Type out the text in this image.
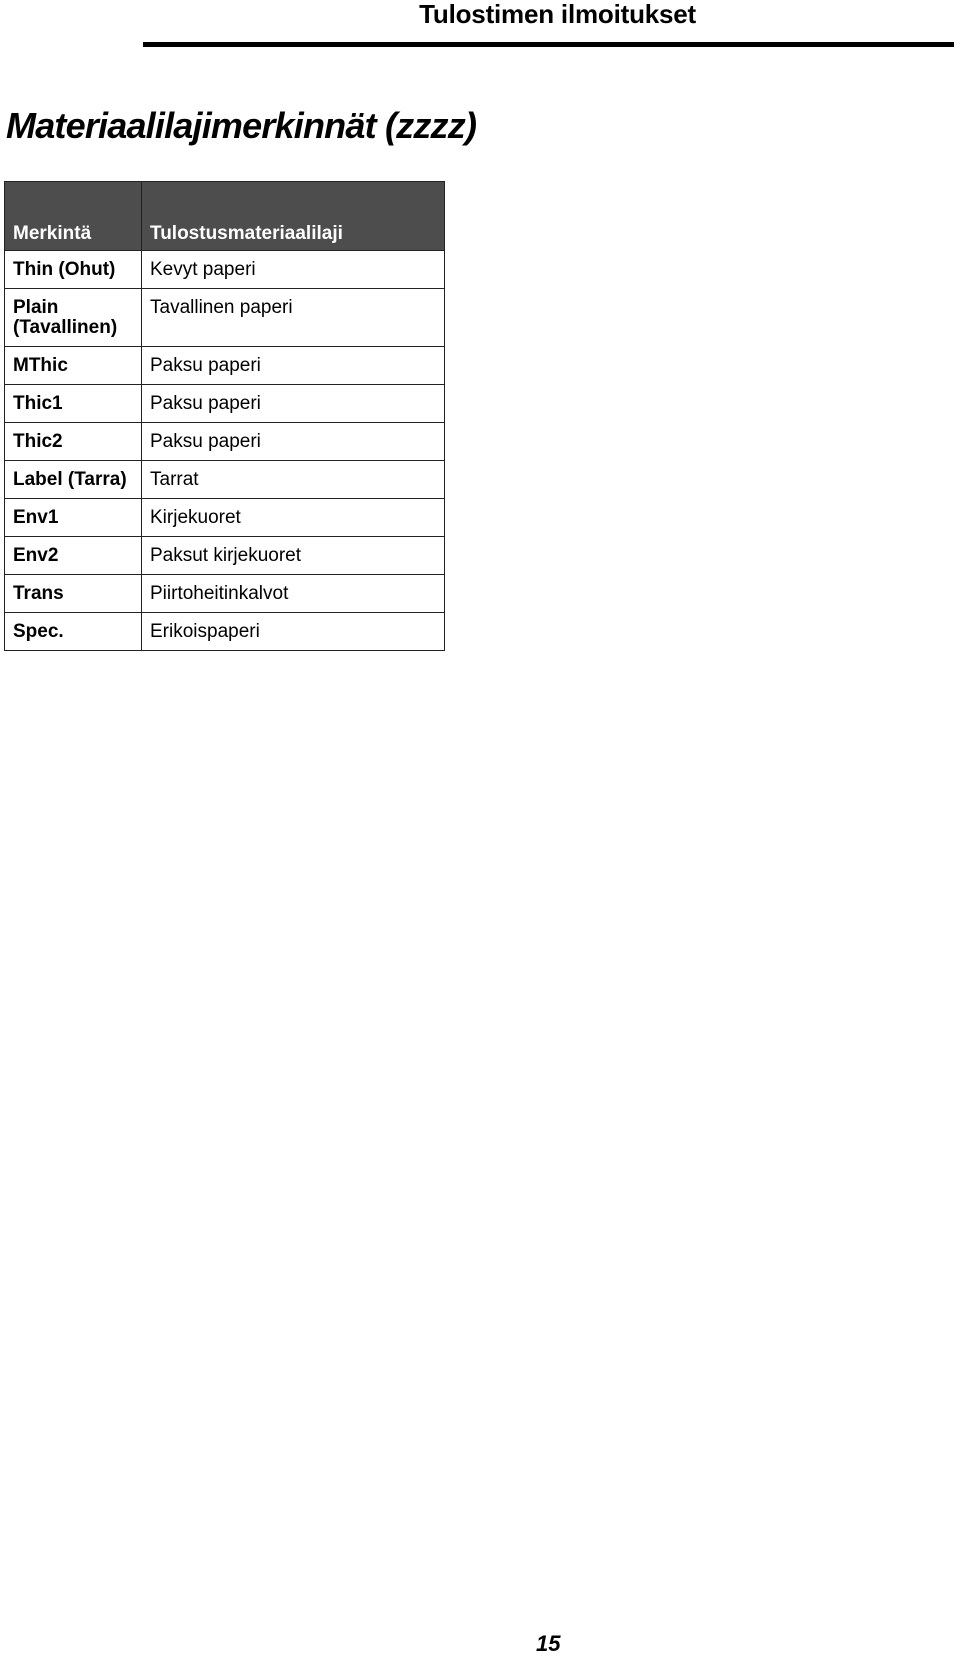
Tulostimen ilmoitukset
Materiaalilajimerkinnät (zzzz)
Merkintä	Tulostusmateriaalilaji
Thin (Ohut)	Kevyt paperi
Plain (Tavallinen)	Tavallinen paperi
MThic	Paksu paperi
Thic1	Paksu paperi
Thic2	Paksu paperi
Label (Tarra)	Tarrat
Env1	Kirjekuoret
Env2	Paksut kirjekuoret
Trans	Piirtoheitinkalvot
Spec.	Erikoispaperi
15
